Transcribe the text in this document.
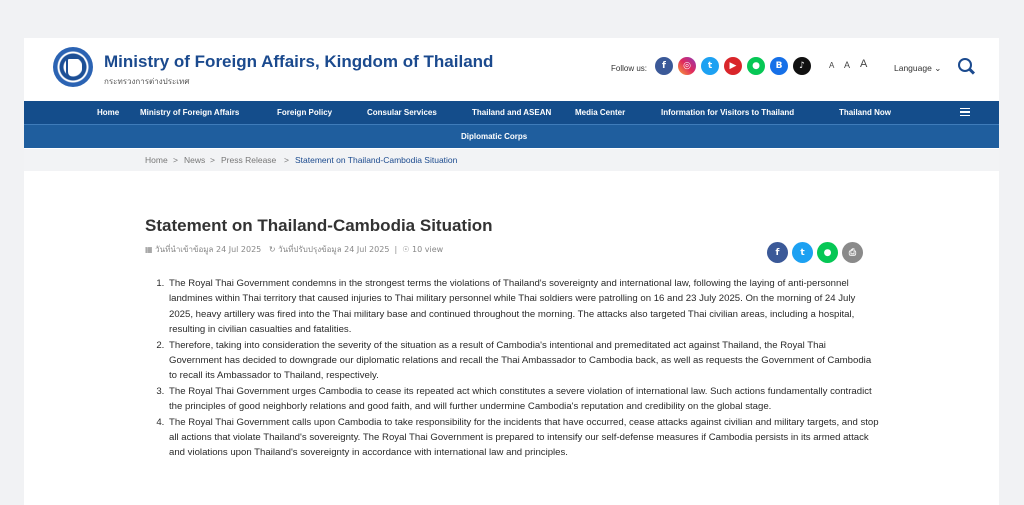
Ministry of Foreign Affairs, Kingdom of Thailand
กระทรวงการต่างประเทศ
Follow us:	f	◎	t	▶	●	B	♪	A A A	Language ⌄
Home	Ministry of Foreign Affairs	Foreign Policy	Consular Services	Thailand and ASEAN	Media Center	Information for Visitors to Thailand	Thailand Now
Diplomatic Corps
Home > News > Press Release > Statement on Thailand-Cambodia Situation
Statement on Thailand-Cambodia Situation
▦ วันที่นำเข้าข้อมูล 24 Jul 2025 ↻ วันที่ปรับปรุงข้อมูล 24 Jul 2025  |  ☉ 10 view	f	t	●	⎙
1. The Royal Thai Government condemns in the strongest terms the violations of Thailand's sovereignty and international law, following the laying of anti-personnel landmines within Thai territory that caused injuries to Thai military personnel while Thai soldiers were patrolling on 16 and 23 July 2025. On the morning of 24 July 2025, heavy artillery was fired into the Thai military base and continued throughout the morning. The attacks also targeted Thai civilian areas, including a hospital, resulting in civilian casualties and fatalities.
2. Therefore, taking into consideration the severity of the situation as a result of Cambodia's intentional and premeditated act against Thailand, the Royal Thai Government has decided to downgrade our diplomatic relations and recall the Thai Ambassador to Cambodia back, as well as requests the Government of Cambodia to recall its Ambassador to Thailand, respectively.
3. The Royal Thai Government urges Cambodia to cease its repeated act which constitutes a severe violation of international law. Such actions fundamentally contradict the principles of good neighborly relations and good faith, and will further undermine Cambodia's reputation and credibility on the global stage.
4. The Royal Thai Government calls upon Cambodia to take responsibility for the incidents that have occurred, cease attacks against civilian and military targets, and stop all actions that violate Thailand's sovereignty. The Royal Thai Government is prepared to intensify our self-defense measures if Cambodia persists in its armed attack and violations upon Thailand's sovereignty in accordance with international law and principles.
